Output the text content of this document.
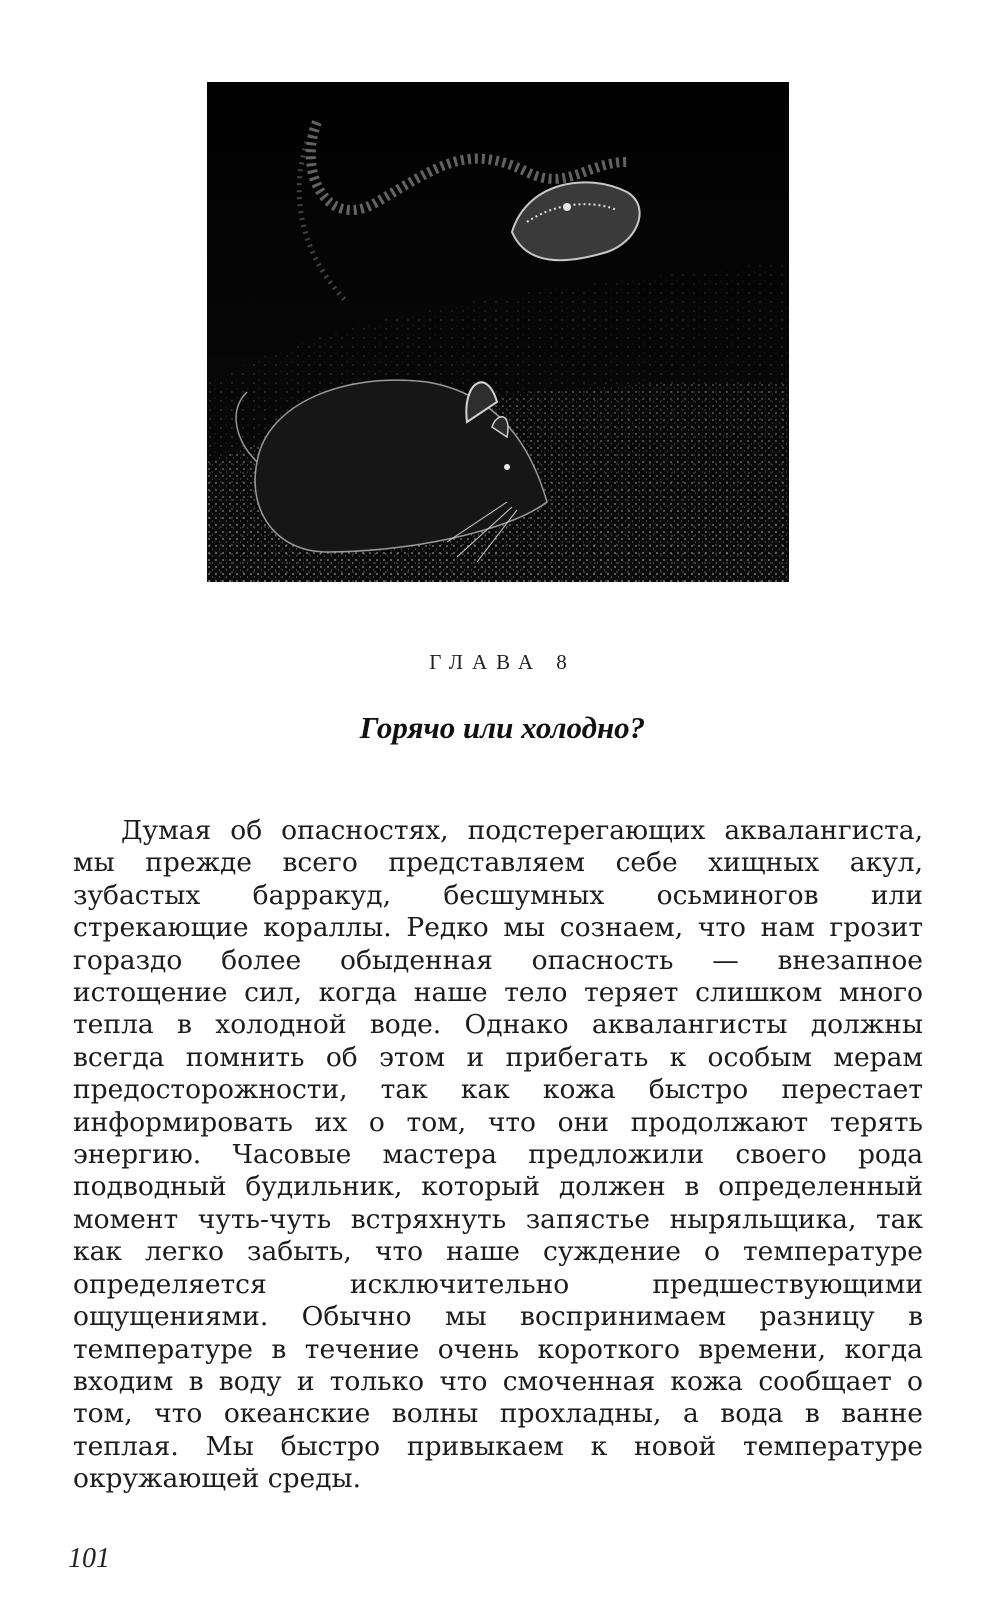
ГЛАВА 8
Горячо или холодно?

Думая об опасностях, подстерегающих аквалангиста, мы прежде всего представляем себе хищных акул, зубастых барракуд, бесшумных осьминогов или стрекающие кораллы. Редко мы сознаем, что нам грозит гораздо более обыденная опасность — внезапное истощение сил, когда наше тело теряет слишком много тепла в холодной воде. Однако аквалангисты должны всегда помнить об этом и прибегать к особым мерам предосторожности, так как кожа быстро перестает информировать их о том, что они продолжают терять энергию. Часовые мастера предложили своего рода подводный будильник, который должен в определенный момент чуть-чуть встряхнуть запястье ныряльщика, так как легко забыть, что наше суждение о температуре определяется исключительно предшествующими ощущениями. Обычно мы воспринимаем разницу в температуре в течение очень короткого времени, когда входим в воду и только что смоченная кожа сообщает о том, что океанские волны прохладны, а вода в ванне теплая. Мы быстро привыкаем к новой температуре окружающей среды.

101
